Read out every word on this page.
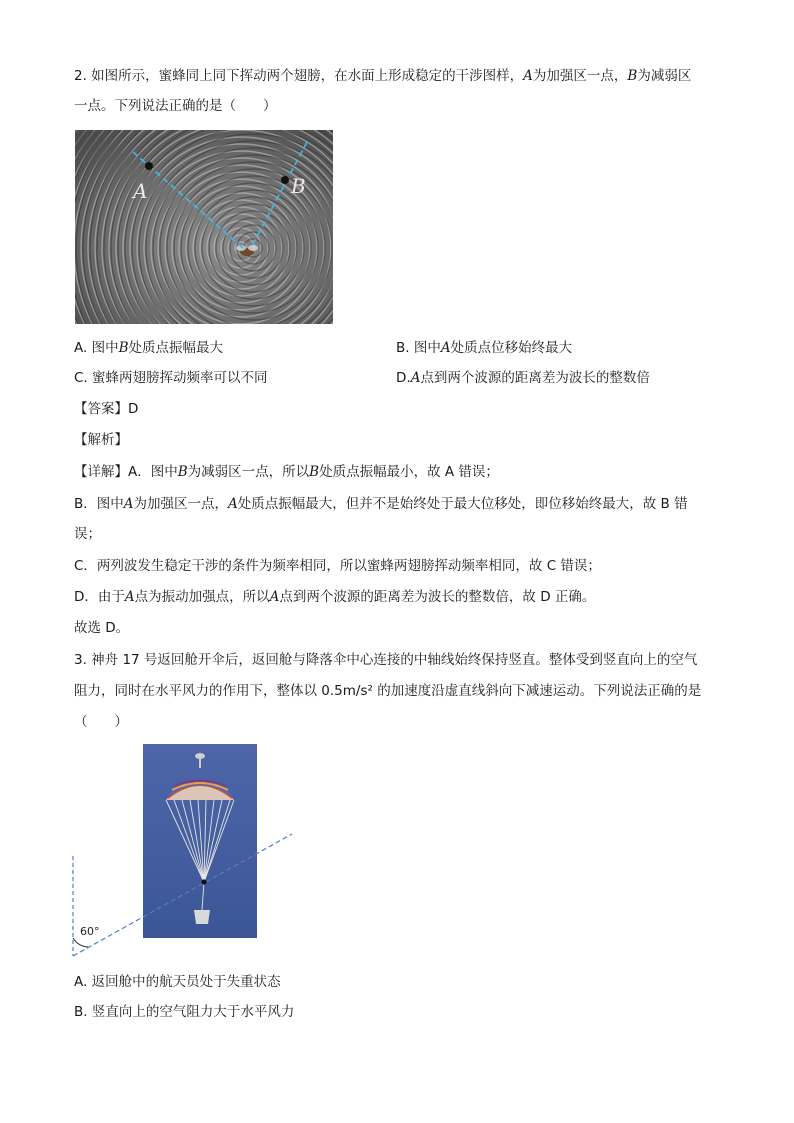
2. 如图所示，蜜蜂同上同下挥动两个翅膀，在水面上形成稳定的干涉图样，A为加强区一点，B为减弱区
一点。下列说法正确的是（　　）
A	B
A. 图中B处质点振幅最大	B. 图中A处质点位移始终最大
C. 蜜蜂两翅膀挥动频率可以不同	D.A点到两个波源的距离差为波长的整数倍
【答案】D
【解析】
【详解】A．图中B为减弱区一点，所以B处质点振幅最小，故 A 错误；
B．图中A为加强区一点，A处质点振幅最大，但并不是始终处于最大位移处，即位移始终最大，故 B 错
误；
C．两列波发生稳定干涉的条件为频率相同，所以蜜蜂两翅膀挥动频率相同，故 C 错误；
D．由于A点为振动加强点，所以A点到两个波源的距离差为波长的整数倍，故 D 正确。
故选 D。
3. 神舟 17 号返回舱开伞后，返回舱与降落伞中心连接的中轴线始终保持竖直。整体受到竖直向上的空气
阻力，同时在水平风力的作用下，整体以 0.5m/s² 的加速度沿虚直线斜向下减速运动。下列说法正确的是
（　　）
60°
A. 返回舱中的航天员处于失重状态
B. 竖直向上的空气阻力大于水平风力
